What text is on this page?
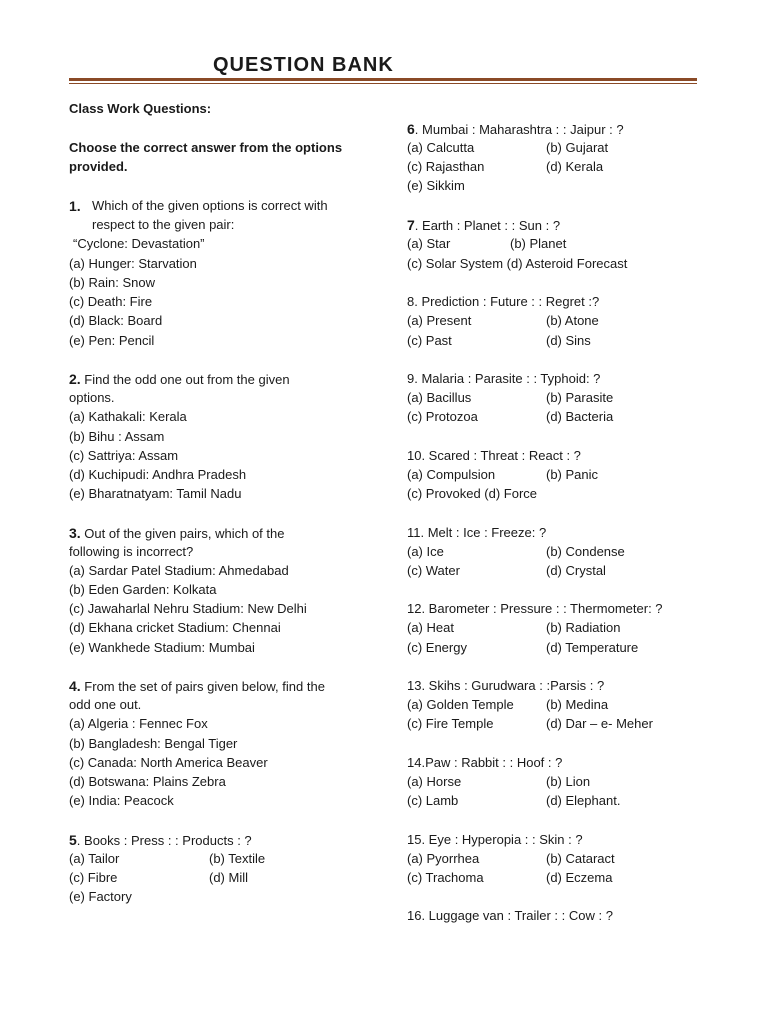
QUESTION BANK
Class Work Questions:
Choose the correct answer from the options
provided.
1. Which of the given options is correct with
respect to the given pair:
“Cyclone: Devastation”
(a) Hunger: Starvation
(b) Rain: Snow
(c) Death: Fire
(d) Black: Board
(e) Pen: Pencil
2. Find the odd one out from the given
options.
(a) Kathakali: Kerala
(b) Bihu : Assam
(c) Sattriya: Assam
(d) Kuchipudi: Andhra Pradesh
(e) Bharatnatyam: Tamil Nadu
3. Out of the given pairs, which of the
following is incorrect?
(a) Sardar Patel Stadium: Ahmedabad
(b) Eden Garden: Kolkata
(c) Jawaharlal Nehru Stadium: New Delhi
(d) Ekhana cricket Stadium: Chennai
(e) Wankhede Stadium: Mumbai
4. From the set of pairs given below, find the
odd one out.
(a) Algeria : Fennec Fox
(b) Bangladesh: Bengal Tiger
(c) Canada: North America Beaver
(d) Botswana: Plains Zebra
(e) India: Peacock
5. Books : Press : : Products : ?
(a) Tailor	(b) Textile
(c) Fibre	(d) Mill
(e) Factory
6. Mumbai : Maharashtra : : Jaipur : ?
(a) Calcutta	(b) Gujarat
(c) Rajasthan	(d) Kerala
(e) Sikkim
7. Earth : Planet : : Sun : ?
(a) Star	(b) Planet
(c) Solar System (d) Asteroid Forecast
8. Prediction : Future : : Regret :?
(a) Present	(b) Atone
(c) Past	(d) Sins
9. Malaria : Parasite : : Typhoid: ?
(a) Bacillus	(b) Parasite
(c) Protozoa	(d) Bacteria
10. Scared : Threat : React : ?
(a) Compulsion	(b) Panic
(c) Provoked (d) Force
11. Melt : Ice : Freeze: ?
(a) Ice	(b) Condense
(c) Water	(d) Crystal
12. Barometer : Pressure : : Thermometer: ?
(a) Heat	(b) Radiation
(c) Energy	(d) Temperature
13. Skihs : Gurudwara : :Parsis : ?
(a) Golden Temple (b) Medina
(c) Fire Temple	(d) Dar – e- Meher
14.Paw : Rabbit : : Hoof : ?
(a) Horse	(b) Lion
(c) Lamb	(d) Elephant.
15. Eye : Hyperopia : : Skin : ?
(a) Pyorrhea	(b) Cataract
(c) Trachoma	(d) Eczema
16. Luggage van : Trailer : : Cow : ?
